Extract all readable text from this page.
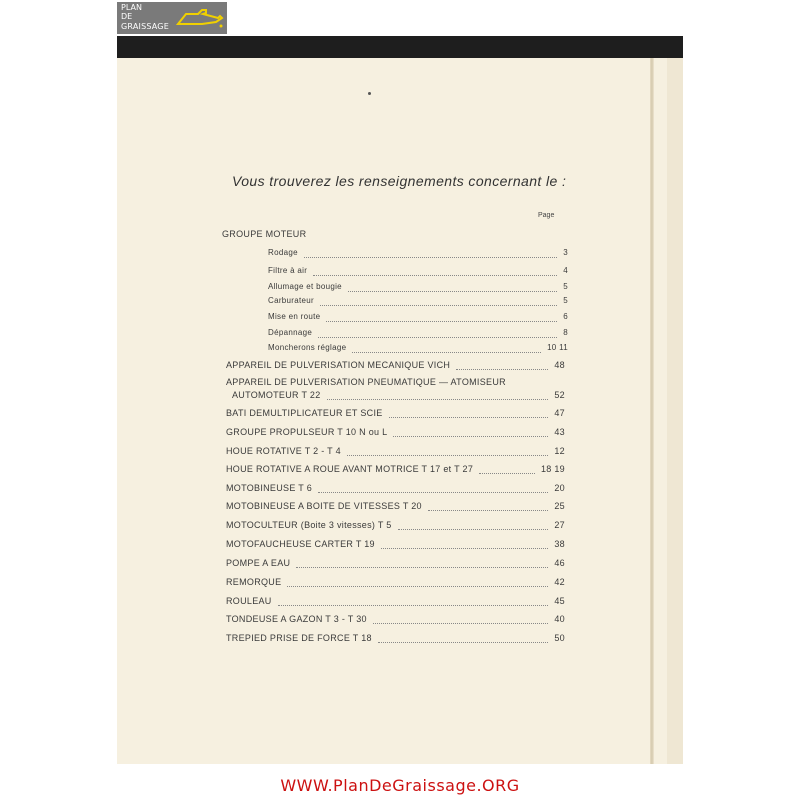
PLAN
DE
GRAISSAGE
Vous trouverez les renseignements concernant le :
Page
GROUPE MOTEUR
Rodage	3
Filtre à air	4
Allumage et bougie	5
Carburateur	5
Mise en route	6
Dépannage	8
Moncherons réglage	10 11
APPAREIL DE PULVERISATION MECANIQUE VICH	48
APPAREIL DE PULVERISATION PNEUMATIQUE — ATOMISEUR
AUTOMOTEUR T 22	52
BATI DEMULTIPLICATEUR ET SCIE	47
GROUPE PROPULSEUR T 10 N ou L	43
HOUE ROTATIVE T 2 - T 4	12
HOUE ROTATIVE A ROUE AVANT MOTRICE T 17 et T 27	18 19
MOTOBINEUSE T 6	20
MOTOBINEUSE A BOITE DE VITESSES T 20	25
MOTOCULTEUR (Boite 3 vitesses) T 5	27
MOTOFAUCHEUSE CARTER T 19	38
POMPE A EAU	46
REMORQUE	42
ROULEAU	45
TONDEUSE A GAZON T 3 - T 30	40
TREPIED PRISE DE FORCE T 18	50
WWW.PlanDeGraissage.ORG
